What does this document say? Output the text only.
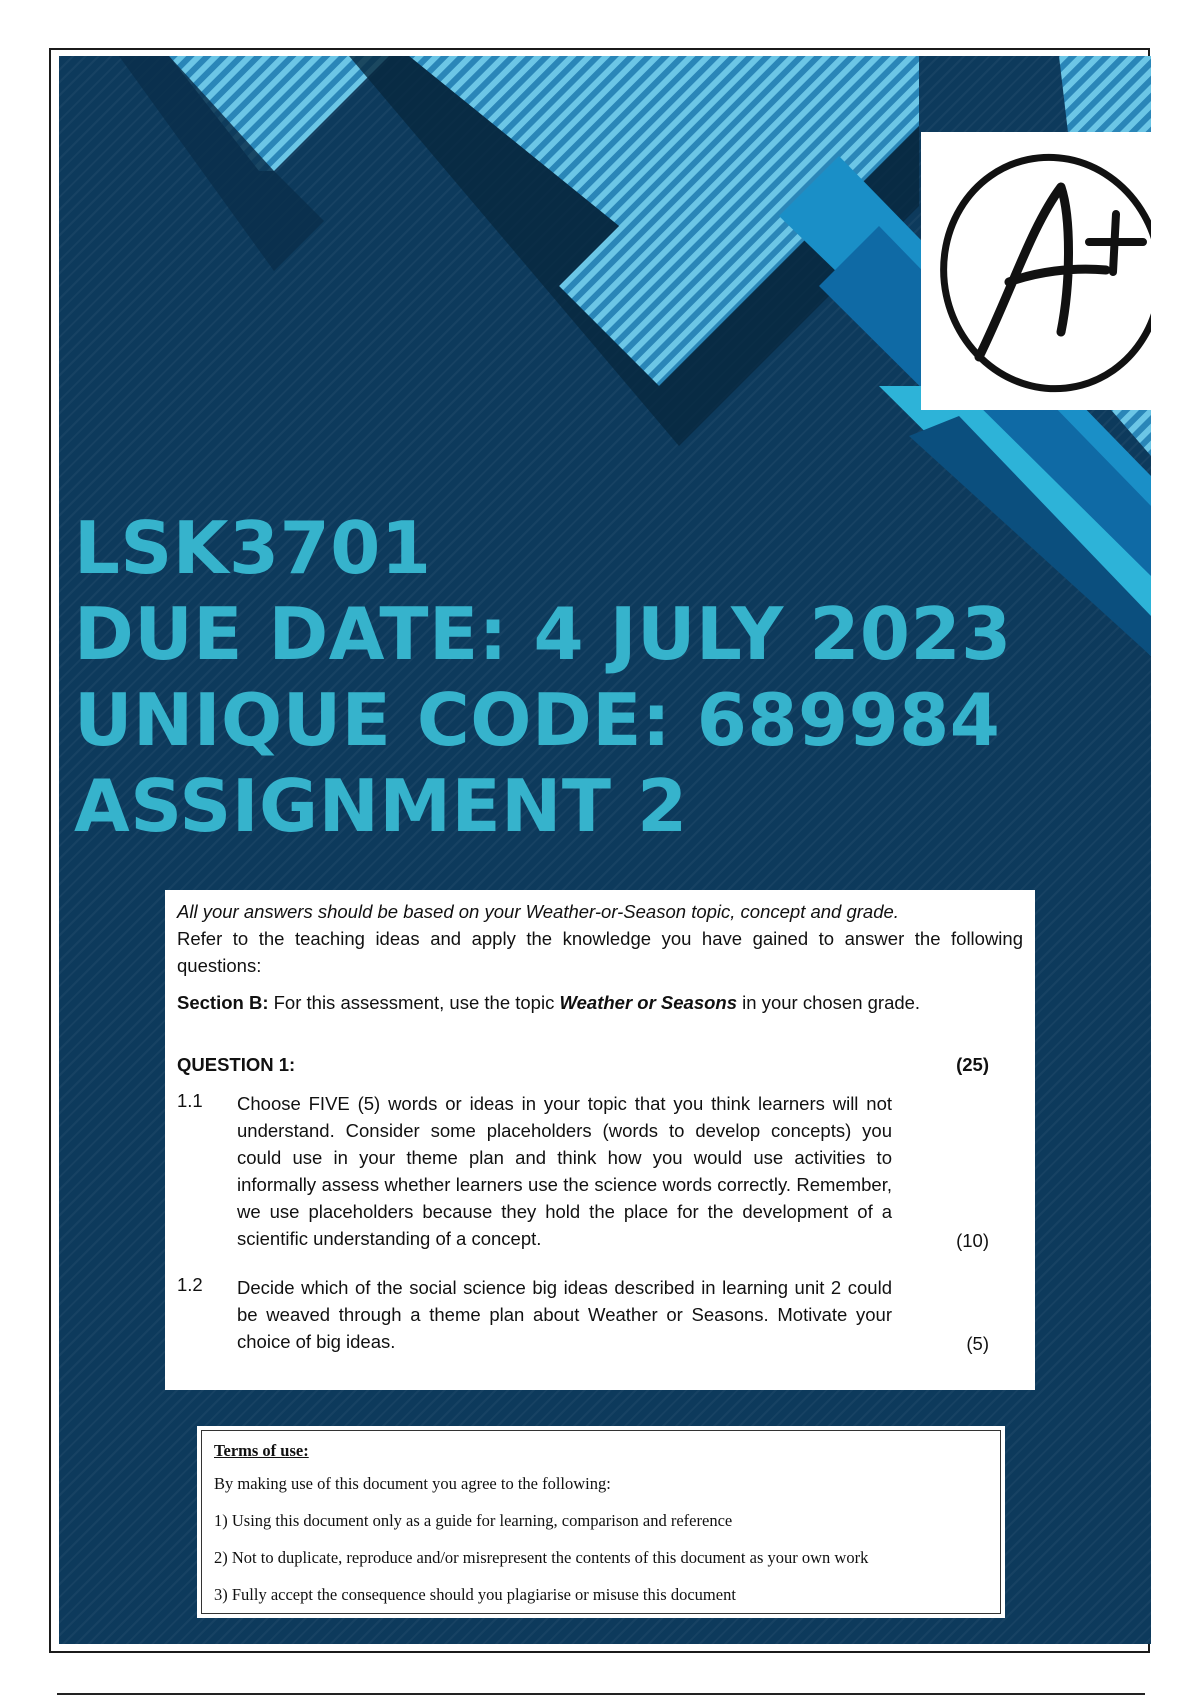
LSK3701
DUE DATE: 4 JULY 2023
UNIQUE CODE: 689984
ASSIGNMENT 2

All your answers should be based on your Weather-or-Season topic, concept and grade.

Refer to the teaching ideas and apply the knowledge you have gained to answer the following questions:

Section B: For this assessment, use the topic Weather or Seasons in your chosen grade.

QUESTION 1:	(25)
1.1	Choose FIVE (5) words or ideas in your topic that you think learners will not understand. Consider some placeholders (words to develop concepts) you could use in your theme plan and think how you would use activities to informally assess whether learners use the science words correctly. Remember, we use placeholders because they hold the place for the development of a scientific understanding of a concept.	(10)
1.2	Decide which of the social science big ideas described in learning unit 2 could be weaved through a theme plan about Weather or Seasons. Motivate your choice of big ideas.	(5)

Terms of use:

By making use of this document you agree to the following:

1) Using this document only as a guide for learning, comparison and reference

2) Not to duplicate, reproduce and/or misrepresent the contents of this document as your own work

3) Fully accept the consequence should you plagiarise or misuse this document
